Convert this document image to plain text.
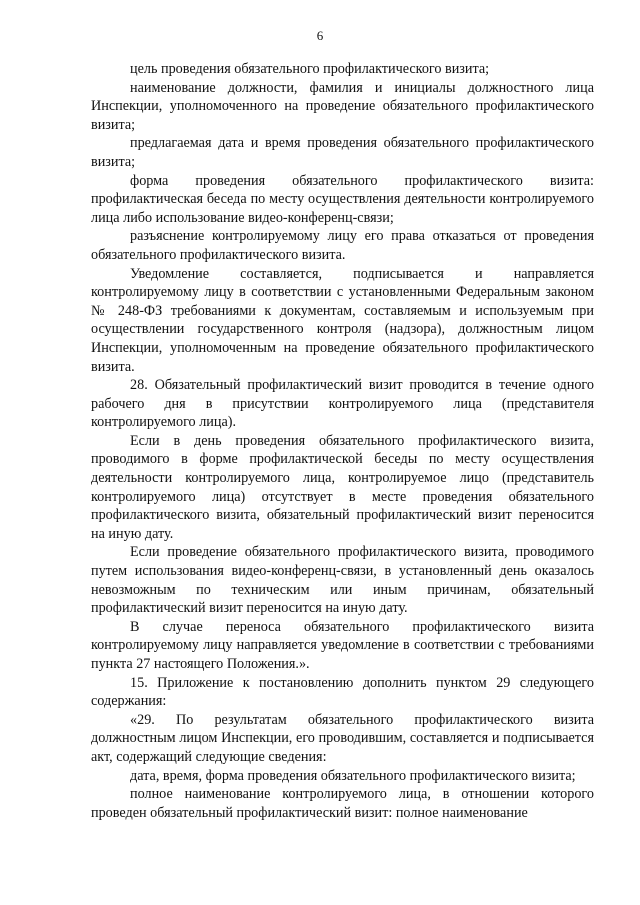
6

цель проведения обязательного профилактического визита;

наименование должности, фамилия и инициалы должностного лица Инспекции, уполномоченного на проведение обязательного профилактического визита;

предлагаемая дата и время проведения обязательного профилактического визита;

форма проведения обязательного профилактического визита: профилактическая беседа по месту осуществления деятельности контролируемого лица либо использование видео-конференц-связи;

разъяснение контролируемому лицу его права отказаться от проведения обязательного профилактического визита.

Уведомление составляется, подписывается и направляется контролируемому лицу в соответствии с установленными Федеральным законом № 248-ФЗ требованиями к документам, составляемым и используемым при осуществлении государственного контроля (надзора), должностным лицом Инспекции, уполномоченным на проведение обязательного профилактического визита.

28. Обязательный профилактический визит проводится в течение одного рабочего дня в присутствии контролируемого лица (представителя контролируемого лица).

Если в день проведения обязательного профилактического визита, проводимого в форме профилактической беседы по месту осуществления деятельности контролируемого лица, контролируемое лицо (представитель контролируемого лица) отсутствует в месте проведения обязательного профилактического визита, обязательный профилактический визит переносится на иную дату.

Если проведение обязательного профилактического визита, проводимого путем использования видео-конференц-связи, в установленный день оказалось невозможным по техническим или иным причинам, обязательный профилактический визит переносится на иную дату.

В случае переноса обязательного профилактического визита контролируемому лицу направляется уведомление в соответствии с требованиями пункта 27 настоящего Положения.».

15. Приложение к постановлению дополнить пунктом 29 следующего содержания:

«29. По результатам обязательного профилактического визита должностным лицом Инспекции, его проводившим, составляется и подписывается акт, содержащий следующие сведения:

дата, время, форма проведения обязательного профилактического визита;

полное наименование контролируемого лица, в отношении которого проведен обязательный профилактический визит: полное наименование
